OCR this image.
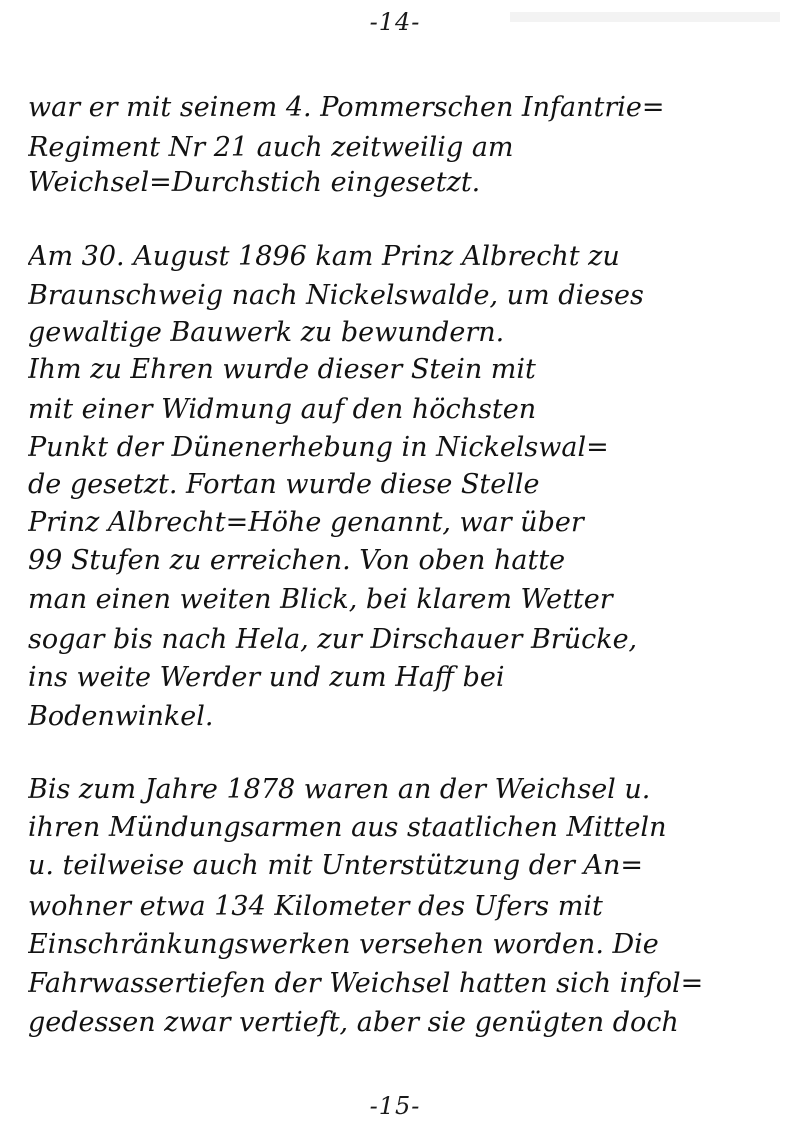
-14-
war er mit seinem 4. Pommerschen Infantrie=
Regiment Nr 21 auch zeitweilig am
Weichsel=Durchstich eingesetzt.
Am 30. August 1896 kam Prinz Albrecht zu
Braunschweig nach Nickelswalde, um dieses
gewaltige Bauwerk zu bewundern.
Ihm zu Ehren wurde dieser Stein mit
mit einer Widmung auf den höchsten
Punkt der Dünenerhebung in Nickelswal=
de gesetzt. Fortan wurde diese Stelle
Prinz Albrecht=Höhe genannt, war über
99 Stufen zu erreichen. Von oben hatte
man einen weiten Blick, bei klarem Wetter
sogar bis nach Hela, zur Dirschauer Brücke,
ins weite Werder und zum Haff bei
Bodenwinkel.
Bis zum Jahre 1878 waren an der Weichsel u.
ihren Mündungsarmen aus staatlichen Mitteln
u. teilweise auch mit Unterstützung der An=
wohner etwa 134 Kilometer des Ufers mit
Einschränkungswerken versehen worden. Die
Fahrwassertiefen der Weichsel hatten sich infol=
gedessen zwar vertieft, aber sie genügten doch
-15-
